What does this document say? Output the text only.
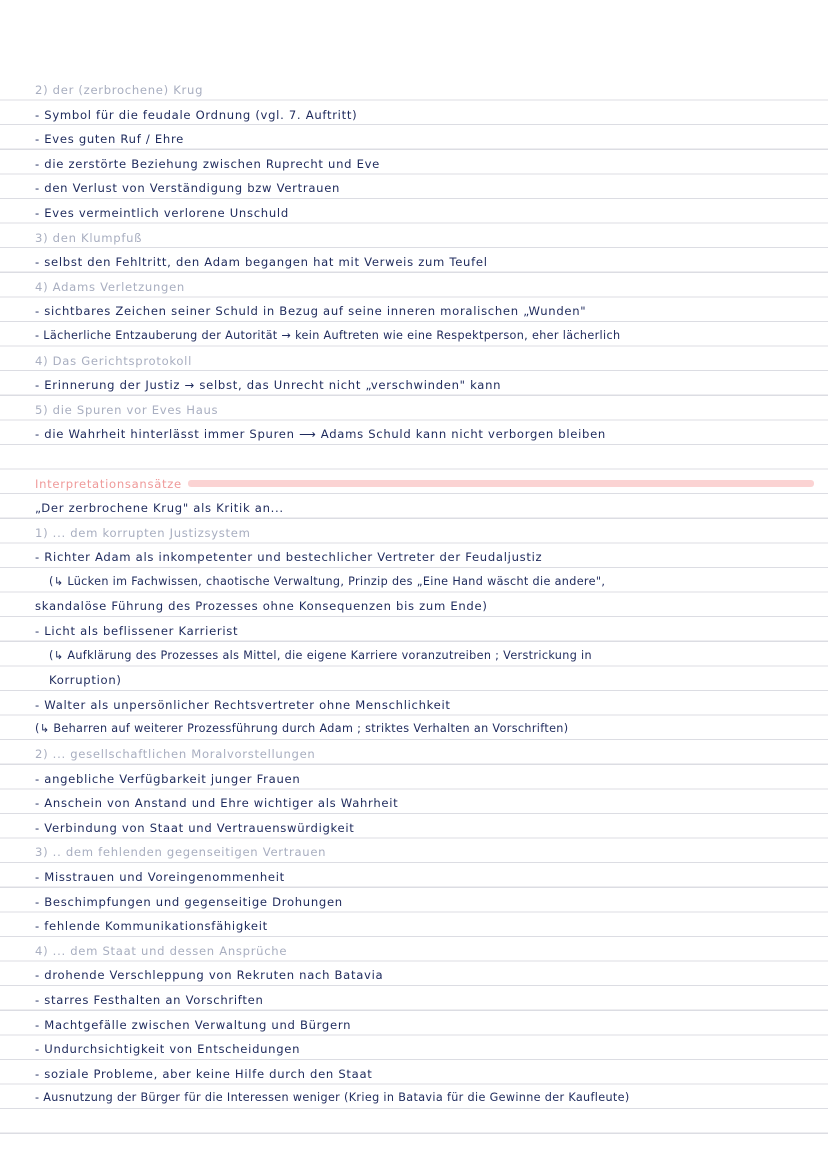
2) der (zerbrochene) Krug
- Symbol für die feudale Ordnung (vgl. 7. Auftritt)
- Eves guten Ruf / Ehre
- die zerstörte Beziehung zwischen Ruprecht und Eve
- den Verlust von Verständigung bzw Vertrauen
- Eves vermeintlich verlorene Unschuld
3) den Klumpfuß
- selbst den Fehltritt, den Adam begangen hat mit Verweis zum Teufel
4) Adams Verletzungen
- sichtbares Zeichen seiner Schuld in Bezug auf seine inneren moralischen „Wunden"
- Lächerliche Entzauberung der Autorität → kein Auftreten wie eine Respektperson, eher lächerlich
4) Das Gerichtsprotokoll
- Erinnerung der Justiz → selbst, das Unrecht nicht „verschwinden" kann
5) die Spuren vor Eves Haus
- die Wahrheit hinterlässt immer Spuren ⟶ Adams Schuld kann nicht verborgen bleiben
Interpretationsansätze
„Der zerbrochene Krug" als Kritik an...
1) ... dem korrupten Justizsystem
- Richter Adam als inkompetenter und bestechlicher Vertreter der Feudaljustiz
(↳ Lücken im Fachwissen, chaotische Verwaltung, Prinzip des „Eine Hand wäscht die andere",
skandalöse Führung des Prozesses ohne Konsequenzen bis zum Ende)
- Licht als beflissener Karrierist
(↳ Aufklärung des Prozesses als Mittel, die eigene Karriere voranzutreiben ; Verstrickung in
Korruption)
- Walter als unpersönlicher Rechtsvertreter ohne Menschlichkeit
(↳ Beharren auf weiterer Prozessführung durch Adam ; striktes Verhalten an Vorschriften)
2) ... gesellschaftlichen Moralvorstellungen
- angebliche Verfügbarkeit junger Frauen
- Anschein von Anstand und Ehre wichtiger als Wahrheit
- Verbindung von Staat und Vertrauenswürdigkeit
3) .. dem fehlenden gegenseitigen Vertrauen
- Misstrauen und Voreingenommenheit
- Beschimpfungen und gegenseitige Drohungen
- fehlende Kommunikationsfähigkeit
4) ... dem Staat und dessen Ansprüche
- drohende Verschleppung von Rekruten nach Batavia
- starres Festhalten an Vorschriften
- Machtgefälle zwischen Verwaltung und Bürgern
- Undurchsichtigkeit von Entscheidungen
- soziale Probleme, aber keine Hilfe durch den Staat
- Ausnutzung der Bürger für die Interessen weniger (Krieg in Batavia für die Gewinne der Kaufleute)
